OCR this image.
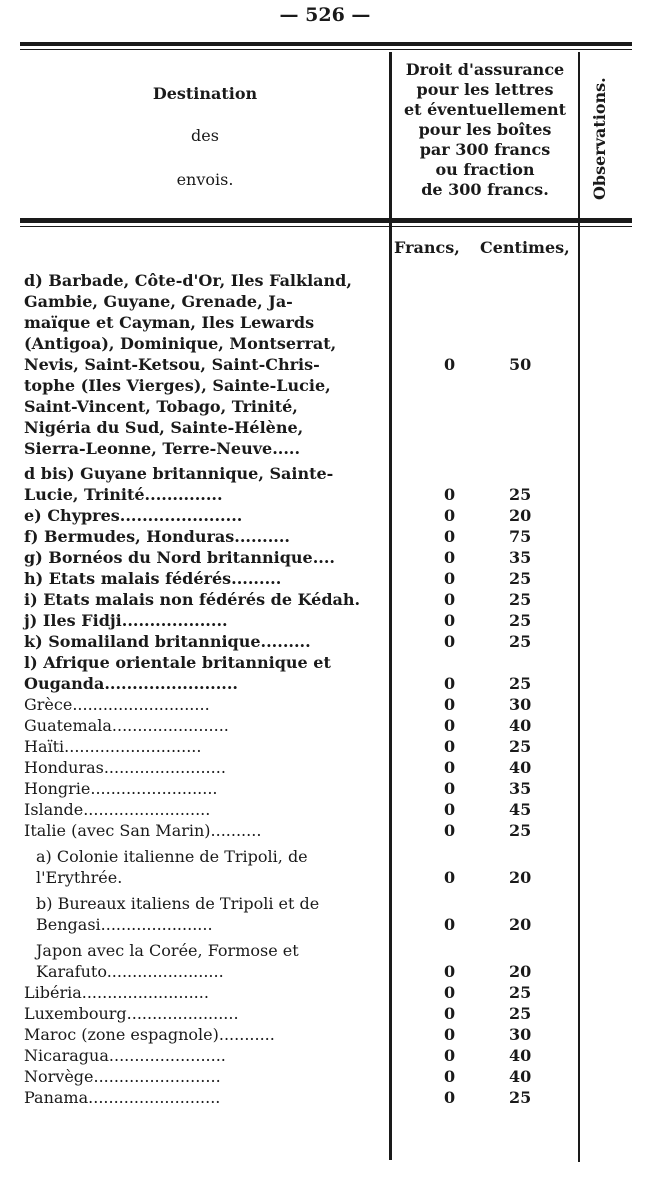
— 526 —
Destination
des
envois.
Droit d'assurance
pour les lettres
et éventuellement
pour les boîtes
par 300 francs
ou fraction
de 300 francs.	Observations.
Francs, Centimes,
d) Barbade, Côte-d'Or, Iles Falkland,
Gambie, Guyane, Grenade, Ja-
maïque et Cayman, Iles Lewards
(Antigoa), Dominique, Montserrat,
Nevis, Saint-Ketsou, Saint-Chris-
tophe (Iles Vierges), Sainte-Lucie,
Saint-Vincent, Tobago, Trinité,
Nigéria du Sud, Sainte-Hélène,
Sierra-Leonne, Terre-Neuve.....
0	50
d bis) Guyane britannique, Sainte-
Lucie, Trinité..............	0	25
e) Chypres......................	0	20
f) Bermudes, Honduras..........	0	75
g) Bornéos du Nord britannique....	0	35
h) Etats malais fédérés.........	0	25
i) Etats malais non fédérés de Kédah.	0	25
j) Iles Fidji...................	0	25
k) Somaliland britannique.........	0	25
l) Afrique orientale britannique et
Ouganda........................	0	25
Grèce...........................	0	30
Guatemala.......................	0	40
Haïti...........................	0	25
Honduras........................	0	40
Hongrie.........................	0	35
Islande.........................	0	45
Italie (avec San Marin)..........	0	25
a) Colonie italienne de Tripoli, de
l'Erythrée.	0	20
b) Bureaux italiens de Tripoli et de
Bengasi......................	0	20
Japon avec la Corée, Formose et
Karafuto.......................	0	20
Libéria.........................	0	25
Luxembourg......................	0	25
Maroc (zone espagnole)...........	0	30
Nicaragua.......................	0	40
Norvège.........................	0	40
Panama..........................	0	25
